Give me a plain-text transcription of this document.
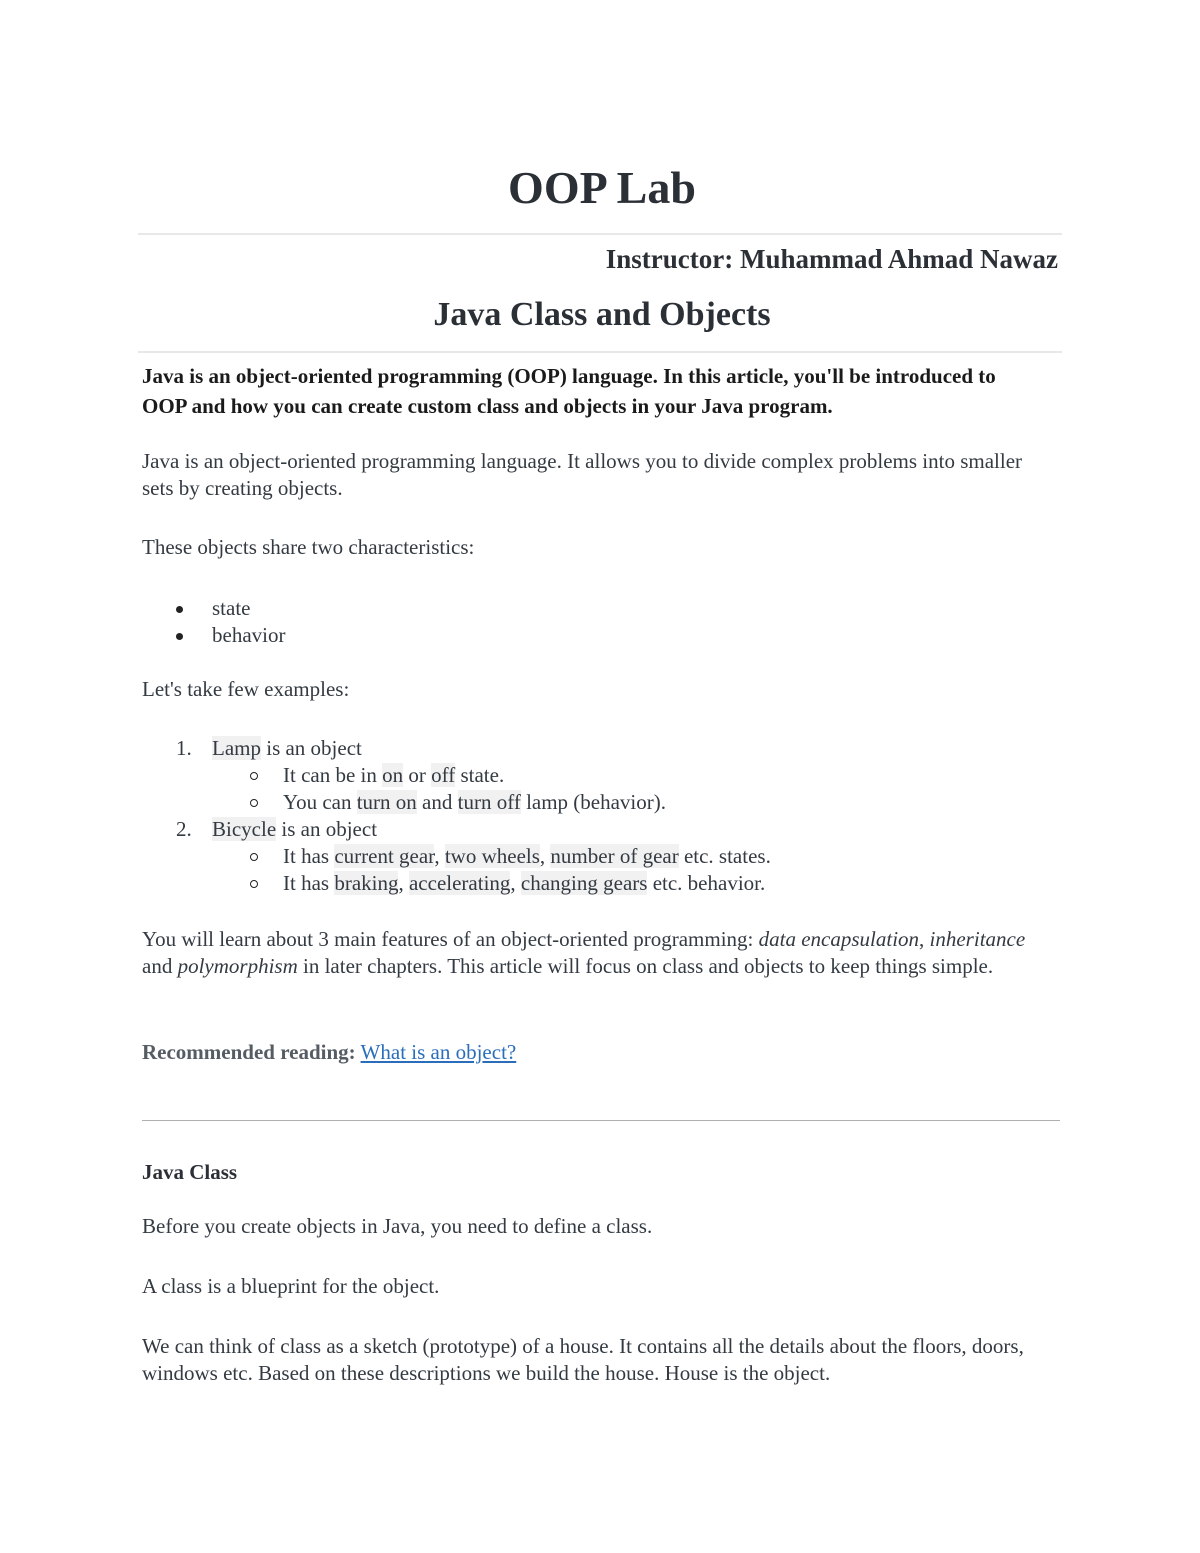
OOP Lab
Instructor: Muhammad Ahmad Nawaz
Java Class and Objects

Java is an object-oriented programming (OOP) language. In this article, you'll be introduced to OOP and how you can create custom class and objects in your Java program.

Java is an object-oriented programming language. It allows you to divide complex problems into smaller sets by creating objects.

These objects share two characteristics:

state
behavior

Let's take few examples:

1. Lamp is an object
It can be in on or off state.
You can turn on and turn off lamp (behavior).
2. Bicycle is an object
It has current gear, two wheels, number of gear etc. states.
It has braking, accelerating, changing gears etc. behavior.

You will learn about 3 main features of an object-oriented programming: data encapsulation, inheritance and polymorphism in later chapters. This article will focus on class and objects to keep things simple.

Recommended reading: What is an object?

Java Class

Before you create objects in Java, you need to define a class.

A class is a blueprint for the object.

We can think of class as a sketch (prototype) of a house. It contains all the details about the floors, doors, windows etc. Based on these descriptions we build the house. House is the object.
